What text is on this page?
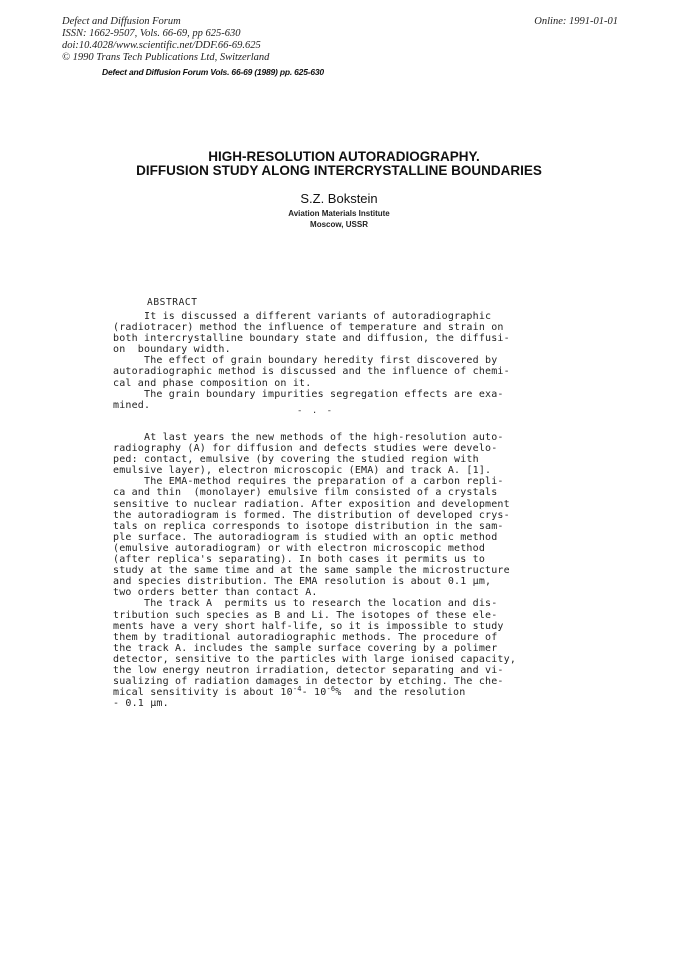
Defect and Diffusion Forum
ISSN: 1662-9507, Vols. 66-69, pp 625-630
doi:10.4028/www.scientific.net/DDF.66-69.625
© 1990 Trans Tech Publications Ltd, Switzerland
Online: 1991-01-01
Defect and Diffusion Forum Vols. 66-69 (1989) pp. 625-630
HIGH-RESOLUTION AUTORADIOGRAPHY.
DIFFUSION STUDY ALONG INTERCRYSTALLINE BOUNDARIES
S.Z. Bokstein
Aviation Materials Institute
Moscow, USSR
ABSTRACT
It is discussed a different variants of autoradiographic
(radiotracer) method the influence of temperature and strain on
both intercrystalline boundary state and diffusion, the diffusi-
on  boundary width.
The effect of grain boundary heredity first discovered by
autoradiographic method is discussed and the influence of chemi-
cal and phase composition on it.
The grain boundary impurities segregation effects are exa-
mined.
- . -
At last years the new methods of the high-resolution auto-
radiography (A) for diffusion and defects studies were develo-
ped: contact, emulsive (by covering the studied region with
emulsive layer), electron microscopic (EMA) and track A. [1].
The EMA-method requires the preparation of a carbon repli-
ca and thin  (monolayer) emulsive film consisted of a crystals
sensitive to nuclear radiation. After exposition and development
the autoradiogram is formed. The distribution of developed crys-
tals on replica corresponds to isotope distribution in the sam-
ple surface. The autoradiogram is studied with an optic method
(emulsive autoradiogram) or with electron microscopic method
(after replica's separating). In both cases it permits us to
study at the same time and at the same sample the microstructure
and species distribution. The EMA resolution is about 0.1 μm,
two orders better than contact A.
The track A  permits us to research the location and dis-
tribution such species as B and Li. The isotopes of these ele-
ments have a very short half-life, so it is impossible to study
them by traditional autoradiographic methods. The procedure of
the track A. includes the sample surface covering by a polimer
detector, sensitive to the particles with large ionised capacity,
the low energy neutron irradiation, detector separating and vi-
sualizing of radiation damages in detector by etching. The che-
mical sensitivity is about $10^{-4}-$ $10^{-6}\%$  and the resolution
- 0.1 μm.
